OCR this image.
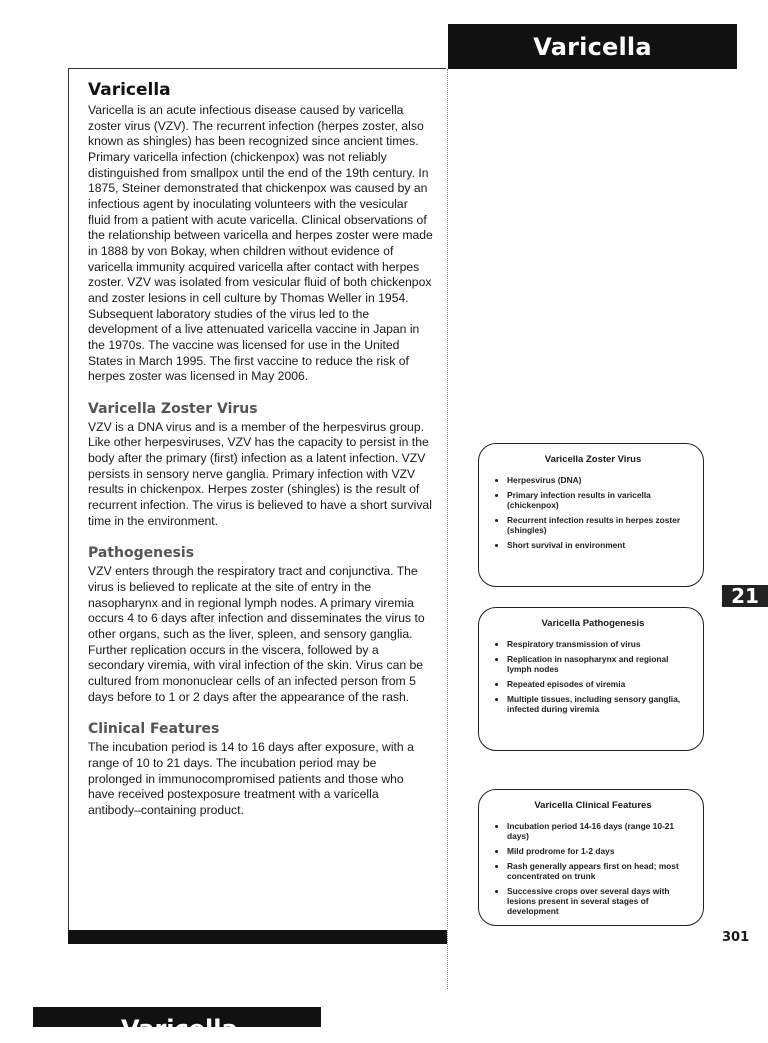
Varicella
Varicella

Varicella is an acute infectious disease caused by varicella zoster virus (VZV). The recurrent infection (herpes zoster, also known as shingles) has been recognized since ancient times. Primary varicella infection (chickenpox) was not reliably distinguished from smallpox until the end of the 19th century. In 1875, Steiner demonstrated that chickenpox was caused by an infectious agent by inoculating volunteers with the vesicular fluid from a patient with acute varicella. Clinical observations of the relationship between varicella and herpes zoster were made in 1888 by von Bokay, when children without evidence of varicella immunity acquired varicella after contact with herpes zoster. VZV was isolated from vesicular fluid of both chickenpox and zoster lesions in cell culture by Thomas Weller in 1954. Subsequent laboratory studies of the virus led to the development of a live attenuated varicella vaccine in Japan in the 1970s. The vaccine was licensed for use in the United States in March 1995. The first vaccine to reduce the risk of herpes zoster was licensed in May 2006.

Varicella Zoster Virus

VZV is a DNA virus and is a member of the herpesvirus group. Like other herpesviruses, VZV has the capacity to persist in the body after the primary (first) infection as a latent infection. VZV persists in sensory nerve ganglia. Primary infection with VZV results in chickenpox. Herpes zoster (shingles) is the result of recurrent infection. The virus is believed to have a short survival time in the environment.

Pathogenesis

VZV enters through the respiratory tract and conjunctiva. The virus is believed to replicate at the site of entry in the nasopharynx and in regional lymph nodes. A primary viremia occurs 4 to 6 days after infection and disseminates the virus to other organs, such as the liver, spleen, and sensory ganglia. Further replication occurs in the viscera, followed by a secondary viremia, with viral infection of the skin. Virus can be cultured from mononuclear cells of an infected person from 5 days before to 1 or 2 days after the appearance of the rash.

Clinical Features

The incubation period is 14 to 16 days after exposure, with a range of 10 to 21 days. The incubation period may be prolonged in immunocompromised patients and those who have received postexposure treatment with a varicella antibody–containing product.

Varicella Zoster Virus
• Herpesvirus (DNA)
• Primary infection results in varicella (chickenpox)
• Recurrent infection results in herpes zoster (shingles)
• Short survival in environment
Varicella Pathogenesis
• Respiratory transmission of virus
• Replication in nasopharynx and regional lymph nodes
• Repeated episodes of viremia
• Multiple tissues, including sensory ganglia, infected during viremia
Varicella Clinical Features
• Incubation period 14-16 days (range 10-21 days)
• Mild prodrome for 1-2 days
• Rash generally appears first on head; most concentrated on trunk
• Successive crops over several days with lesions present in several stages of development
21
301
Varicella
